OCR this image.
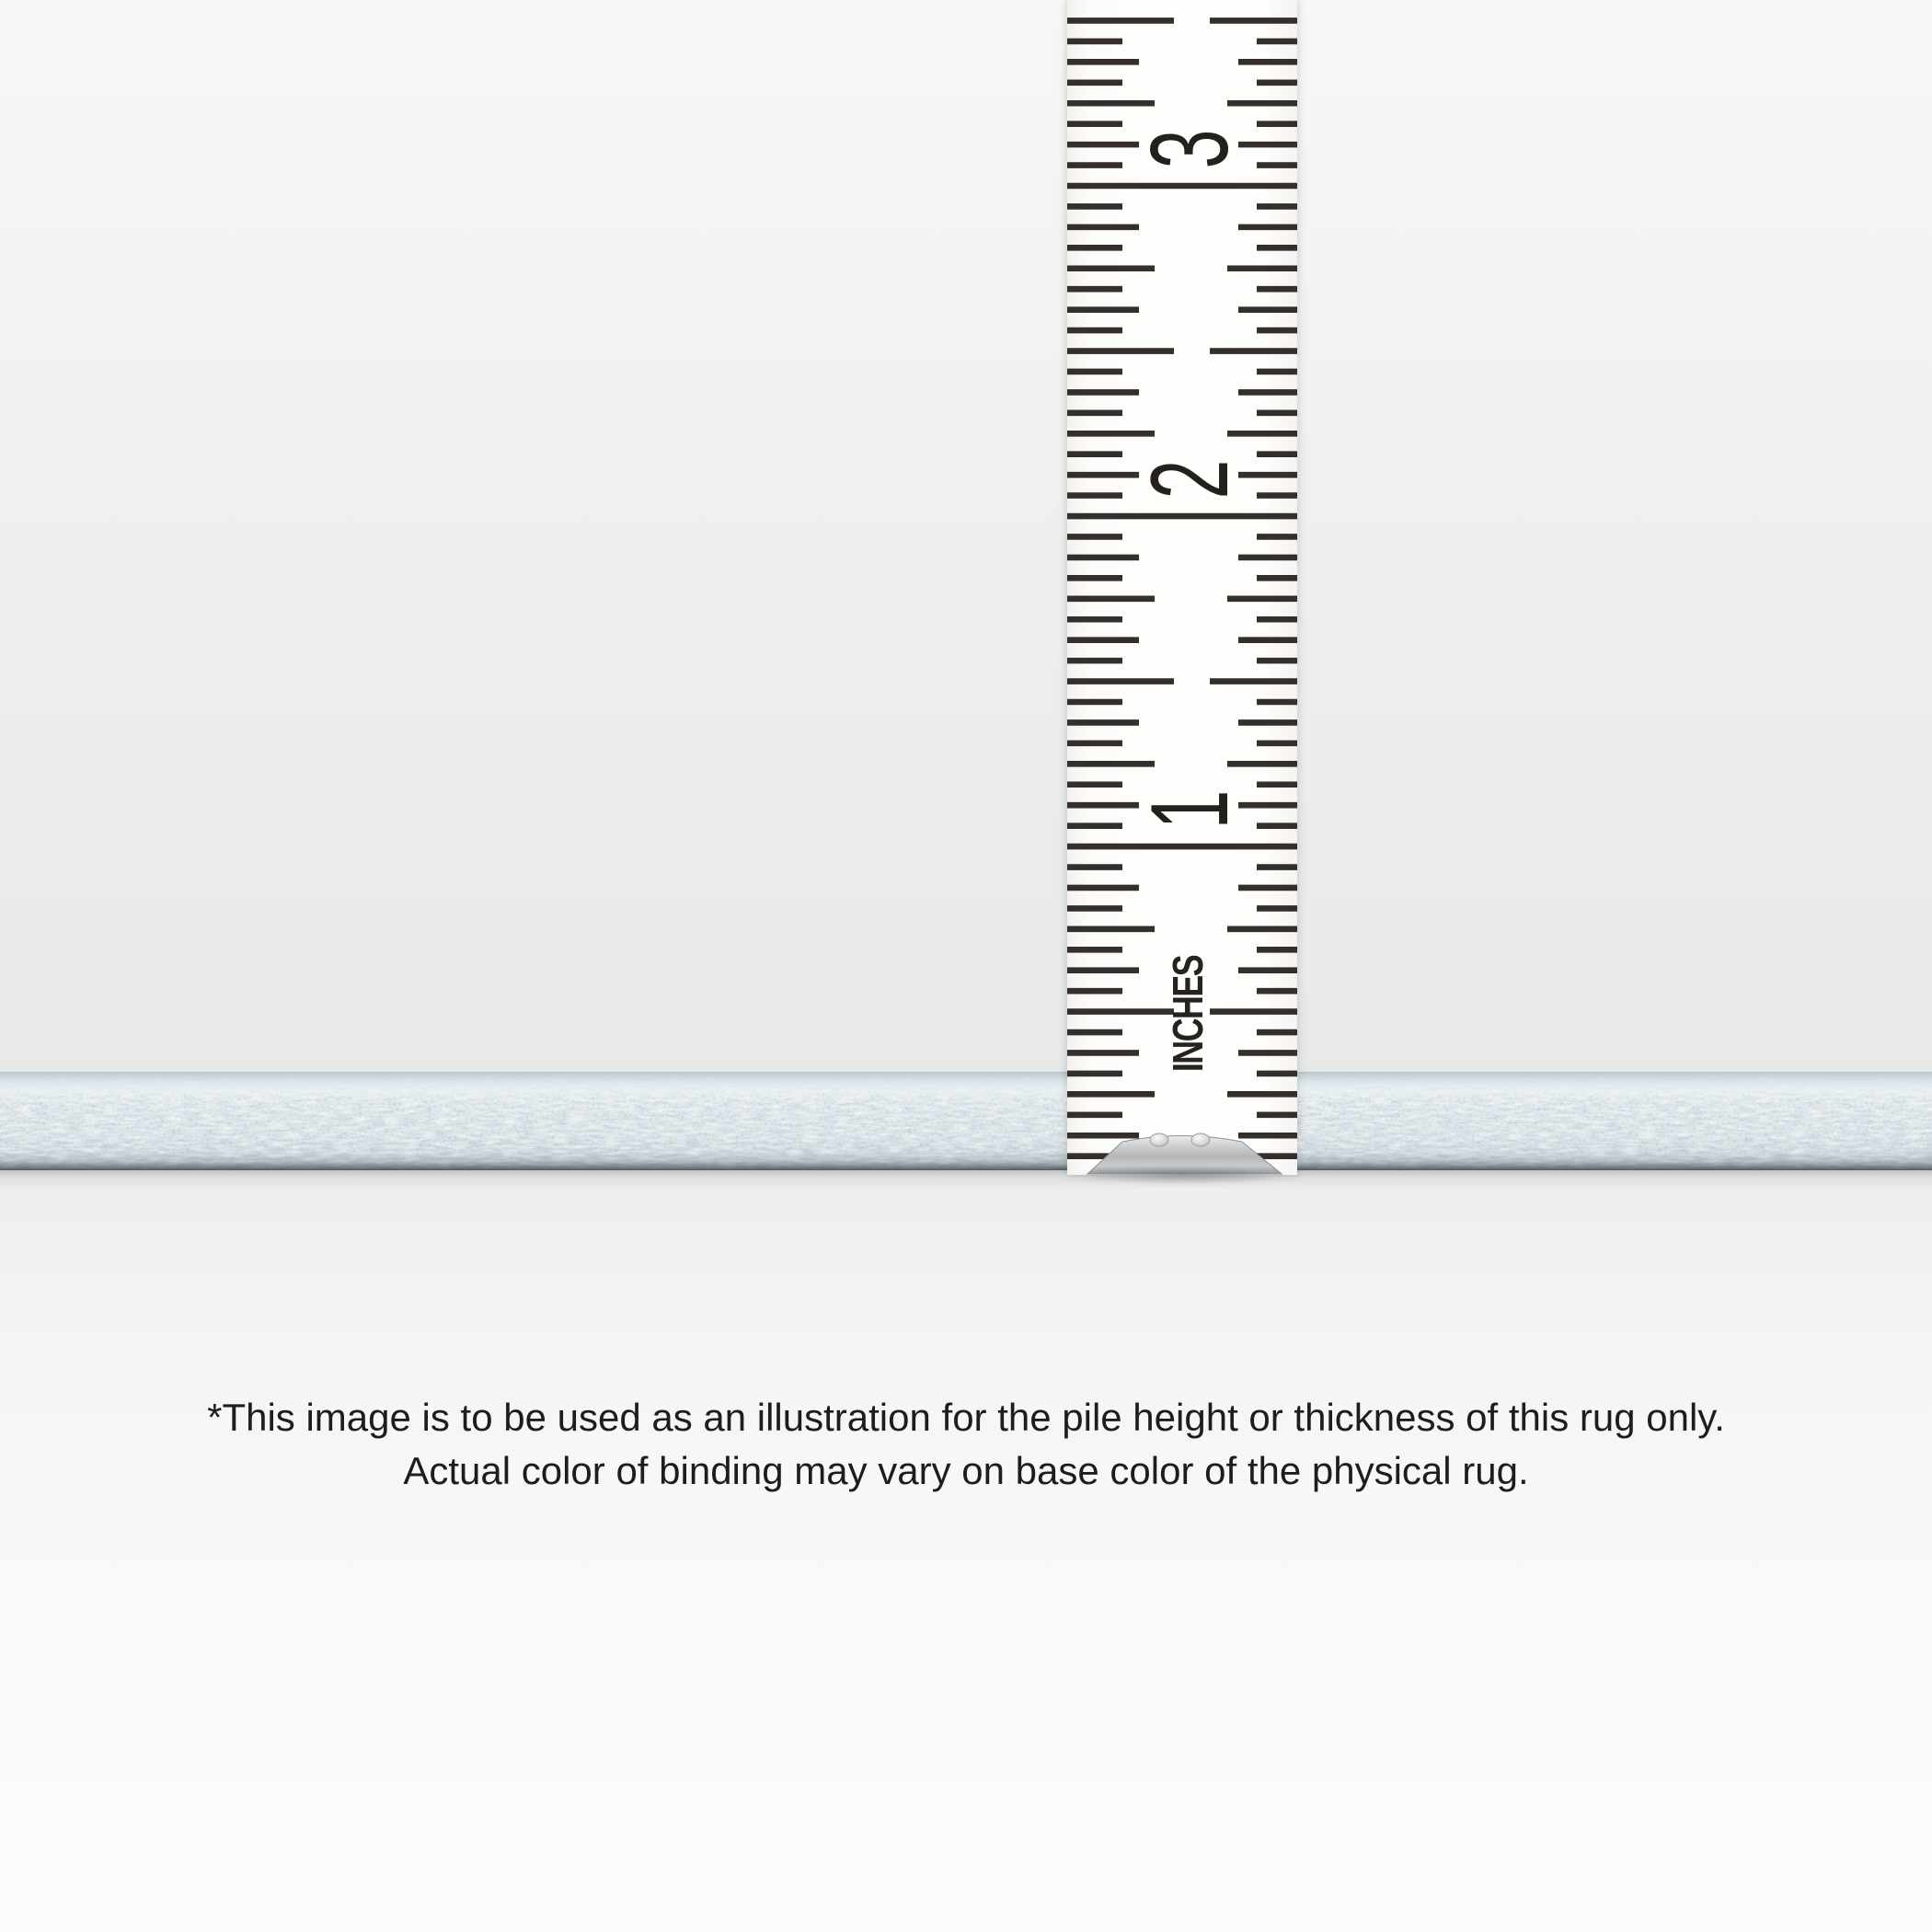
INCHES
3
2
1
*This image is to be used as an illustration for the pile height or thickness of this rug only.
Actual color of binding may vary on base color of the physical rug.
